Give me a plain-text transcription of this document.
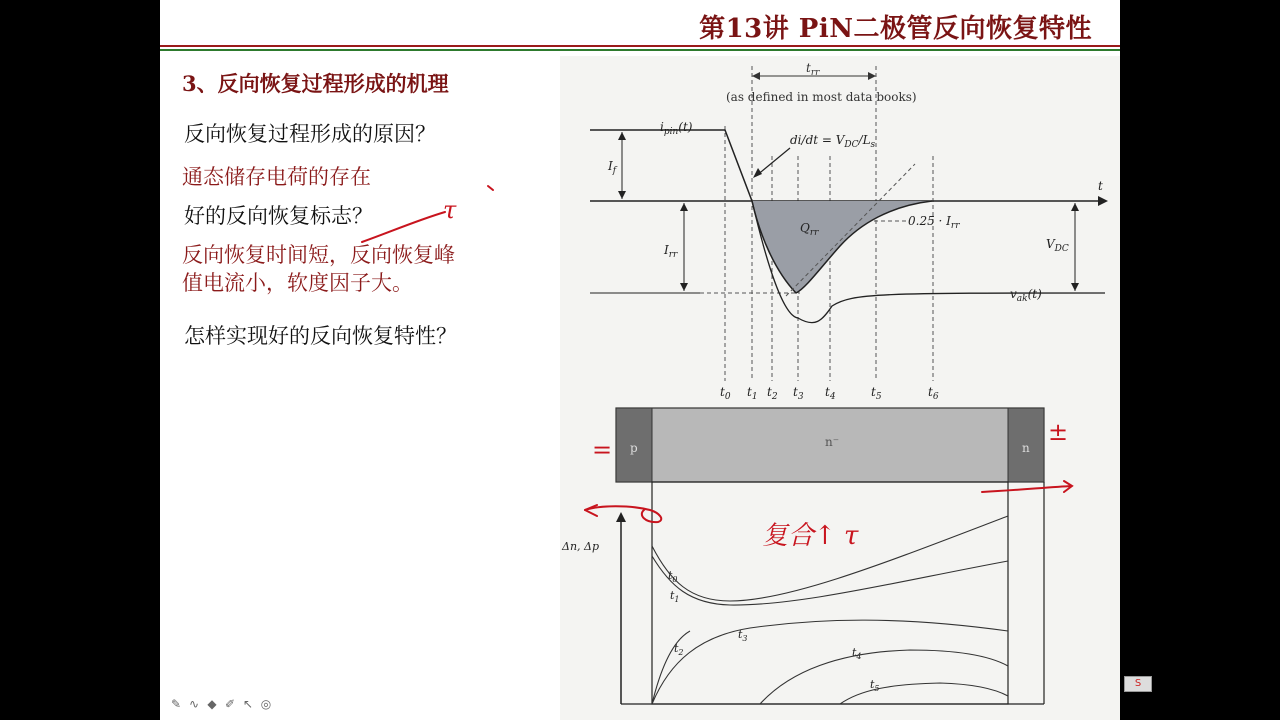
第13讲 PiN二极管反向恢复特性
3、反向恢复过程形成的机理
反向恢复过程形成的原因？
通态储存电荷的存在
好的反向恢复标志？
反向恢复时间短，反向恢复峰
值电流小，软度因子大。
怎样实现好的反向恢复特性？
$t_{rr}$
(as defined in most data books)
t
$i_{pin}(t)$
$di/dt = V_{DC}/L_s$
$I_f$
$I_{rr}$
$Q_{rr}$
$0.25 \cdot I_{rr}$
$V_{DC}$
$v_{ak}(t)$
$t_0$ $t_1$ $t_2$ $t_3$ $t_4$	$t_5$	$t_6$
p	n⁻	n
Δn, Δp
$t_0$
$t_1$
$t_2$
$t_3$
$t_4$
$t_5$
τ
=
±
复合↑ τ
✎ ∿ ◆ ✐ ↖ ◎
S
